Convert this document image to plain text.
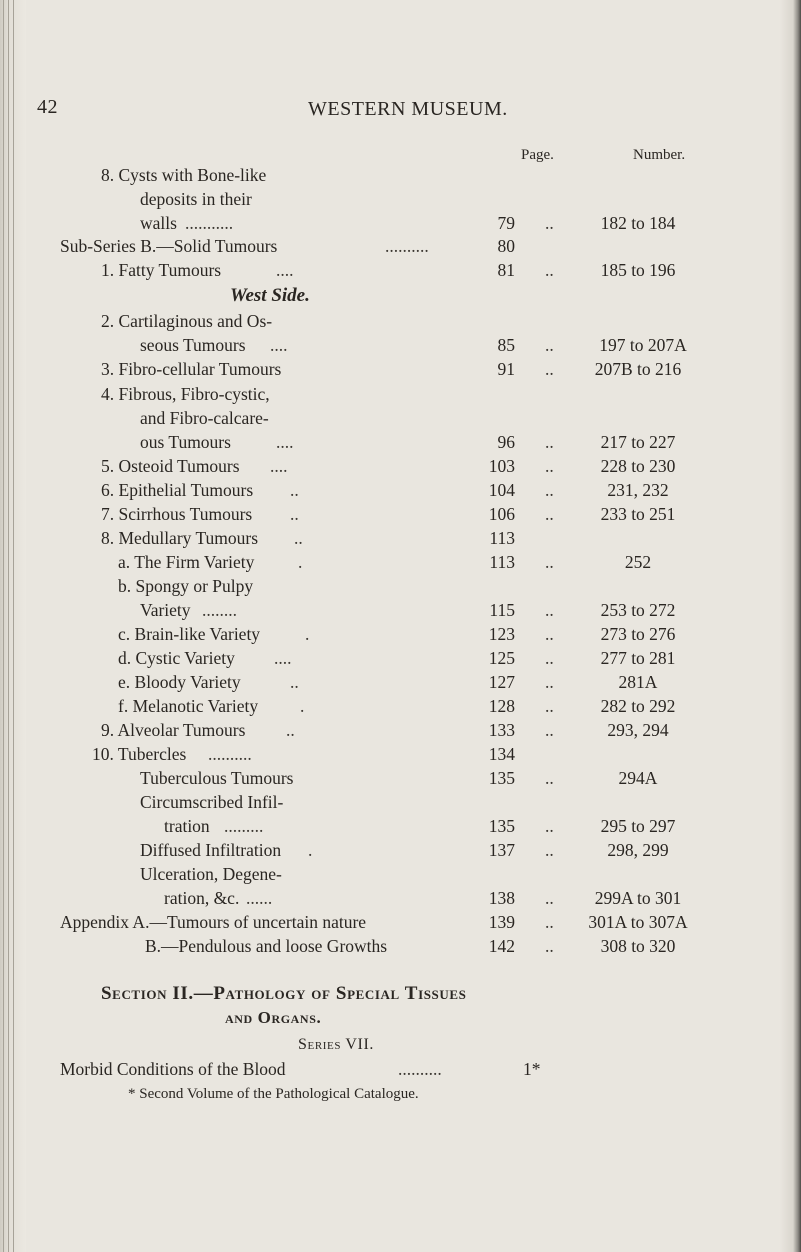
42	WESTERN MUSEUM.
Page.	Number.
8. Cysts with Bone-like
deposits in their
walls ...........	79 ..	182 to 184
Sub-Series B.—Solid Tumours	..........	80
1. Fatty Tumours	....	81 ..	185 to 196
West Side.
2. Cartilaginous and Os-
seous Tumours ....	85 ..	197 to 207A
3. Fibro-cellular Tumours	91 ..	207B to 216
4. Fibrous, Fibro-cystic,
and Fibro-calcare-
ous Tumours	....	96 ..	217 to 227
5. Osteoid Tumours ....	103 ..	228 to 230
6. Epithelial Tumours ..	104 ..	231, 232
7. Scirrhous Tumours ..	106 ..	233 to 251
8. Medullary Tumours ..	113
a. The Firm Variety .	113 ..	252
b. Spongy or Pulpy
Variety ........	115 ..	253 to 272
c. Brain-like Variety	.	123 ..	273 to 276
d. Cystic Variety ....	125 ..	277 to 281
e. Bloody Variety	..	127 ..	281A
f. Melanotic Variety .	128 ..	282 to 292
9. Alveolar Tumours ..	133 ..	293, 294
10. Tubercles ..........	134
Tuberculous Tumours	135 ..	294A
Circumscribed Infil-
tration .........	135 ..	295 to 297
Diffused Infiltration .	137 ..	298, 299
Ulceration, Degene-
ration, &c. ......	138 ..	299A to 301
Appendix A.—Tumours of uncertain nature	139 ..	301A to 307A
B.—Pendulous and loose Growths	142 ..	308 to 320
Section II.—Pathology of Special Tissues
and Organs.
Series VII.
Morbid Conditions of the Blood	..........	1*
* Second Volume of the Pathological Catalogue.
